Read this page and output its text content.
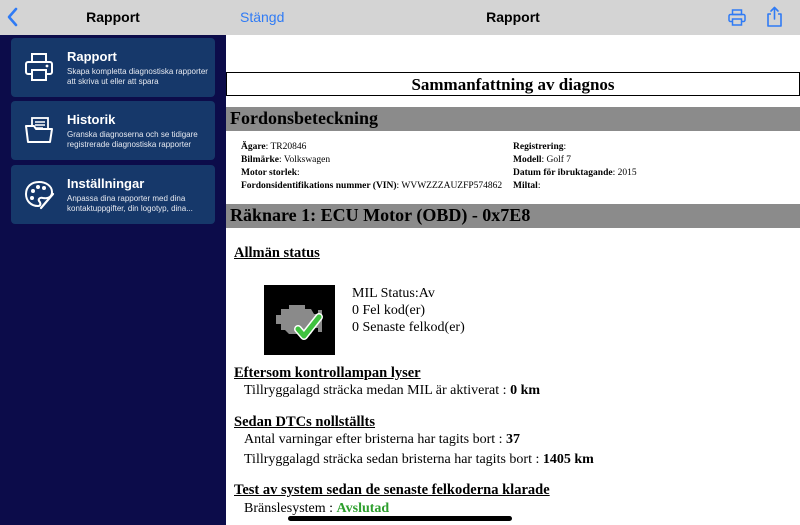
Rapport
Rapport
Skapa kompletta diagnostiska rapporter att skriva ut eller att spara
Historik
Granska diagnoserna och se tidigare registrerade diagnostiska rapporter
Inställningar
Anpassa dina rapporter med dina kontaktuppgifter, din logotyp, dina...
Stängd	Rapport
Sammanfattning av diagnos
Fordonsbeteckning
Ägare: TR20846
Bilmärke: Volkswagen
Motor storlek:
Fordonsidentifikations nummer (VIN): WVWZZZAUZFP574862
Registrering:
Modell: Golf 7
Datum för ibruktagande: 2015
Miltal:
Räknare 1: ECU Motor (OBD) - 0x7E8
Allmän status
MIL Status:Av
0 Fel kod(er)
0 Senaste felkod(er)
Eftersom kontrollampan lyser
Tillryggalagd sträcka medan MIL är aktiverat : 0 km
Sedan DTCs nollställts
Antal varningar efter bristerna har tagits bort : 37
Tillryggalagd sträcka sedan bristerna har tagits bort : 1405 km
Test av system sedan de senaste felkoderna klarade
Bränslesystem : Avslutad
